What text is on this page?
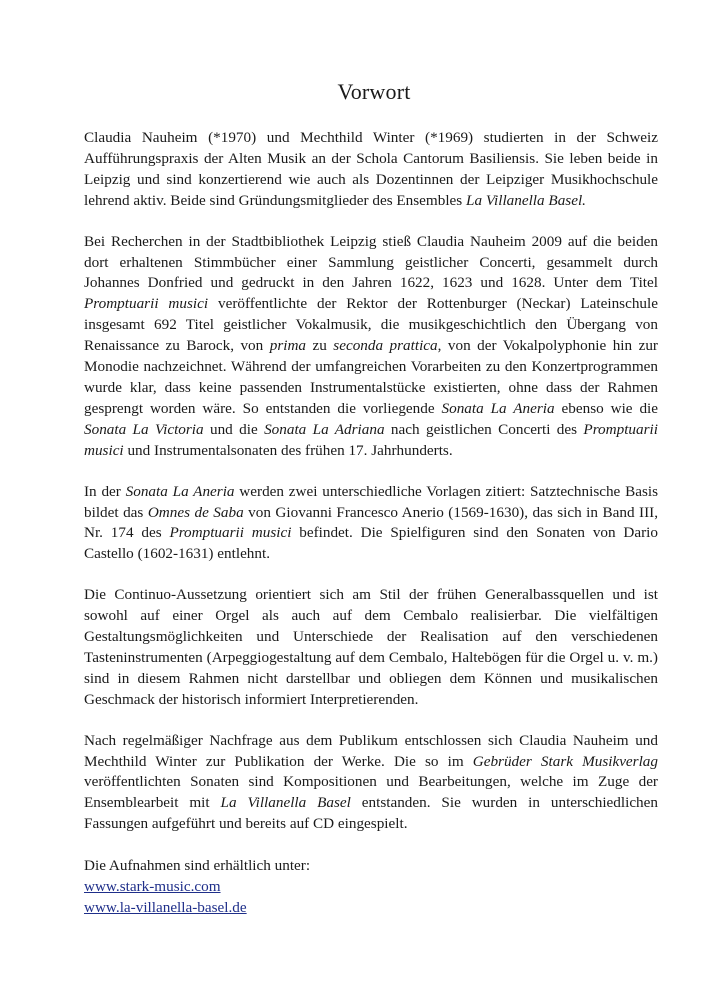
Vorwort

Claudia Nauheim (*1970) und Mechthild Winter (*1969) studierten in der Schweiz Aufführungspraxis der Alten Musik an der Schola Cantorum Basiliensis. Sie leben beide in Leipzig und sind konzertierend wie auch als Dozentinnen der Leipziger Musikhochschule lehrend aktiv. Beide sind Gründungsmitglieder des Ensembles La Villanella Basel.

Bei Recherchen in der Stadtbibliothek Leipzig stieß Claudia Nauheim 2009 auf die beiden dort erhaltenen Stimmbücher einer Sammlung geistlicher Concerti, gesammelt durch Johannes Donfried und gedruckt in den Jahren 1622, 1623 und 1628. Unter dem Titel Promptuarii musici veröffentlichte der Rektor der Rottenburger (Neckar) Lateinschule insgesamt 692 Titel geistlicher Vokalmusik, die musikgeschichtlich den Übergang von Renaissance zu Barock, von prima zu seconda prattica, von der Vokalpolyphonie hin zur Monodie nachzeichnet. Während der umfangreichen Vorarbeiten zu den Konzertprogrammen wurde klar, dass keine passenden Instrumentalstücke existierten, ohne dass der Rahmen gesprengt worden wäre. So entstanden die vorliegende Sonata La Aneria ebenso wie die Sonata La Victoria und die Sonata La Adriana nach geistlichen Concerti des Promptuarii musici und Instrumentalsonaten des frühen 17. Jahrhunderts.

In der Sonata La Aneria werden zwei unterschiedliche Vorlagen zitiert: Satztechnische Basis bildet das Omnes de Saba von Giovanni Francesco Anerio (1569-1630), das sich in Band III, Nr. 174 des Promptuarii musici befindet. Die Spielfiguren sind den Sonaten von Dario Castello (1602-1631) entlehnt.

Die Continuo-Aussetzung orientiert sich am Stil der frühen Generalbassquellen und ist sowohl auf einer Orgel als auch auf dem Cembalo realisierbar. Die vielfältigen Gestaltungsmöglichkeiten und Unterschiede der Realisation auf den verschiedenen Tasteninstrumenten (Arpeggiogestaltung auf dem Cembalo, Haltebögen für die Orgel u. v. m.) sind in diesem Rahmen nicht darstellbar und obliegen dem Können und musikalischen Geschmack der historisch informiert Interpretierenden.

Nach regelmäßiger Nachfrage aus dem Publikum entschlossen sich Claudia Nauheim und Mechthild Winter zur Publikation der Werke. Die so im Gebrüder Stark Musikverlag veröffentlichten Sonaten sind Kompositionen und Bearbeitungen, welche im Zuge der Ensemblearbeit mit La Villanella Basel entstanden. Sie wurden in unterschiedlichen Fassungen aufgeführt und bereits auf CD eingespielt.

Die Aufnahmen sind erhältlich unter:
www.stark-music.com
www.la-villanella-basel.de
